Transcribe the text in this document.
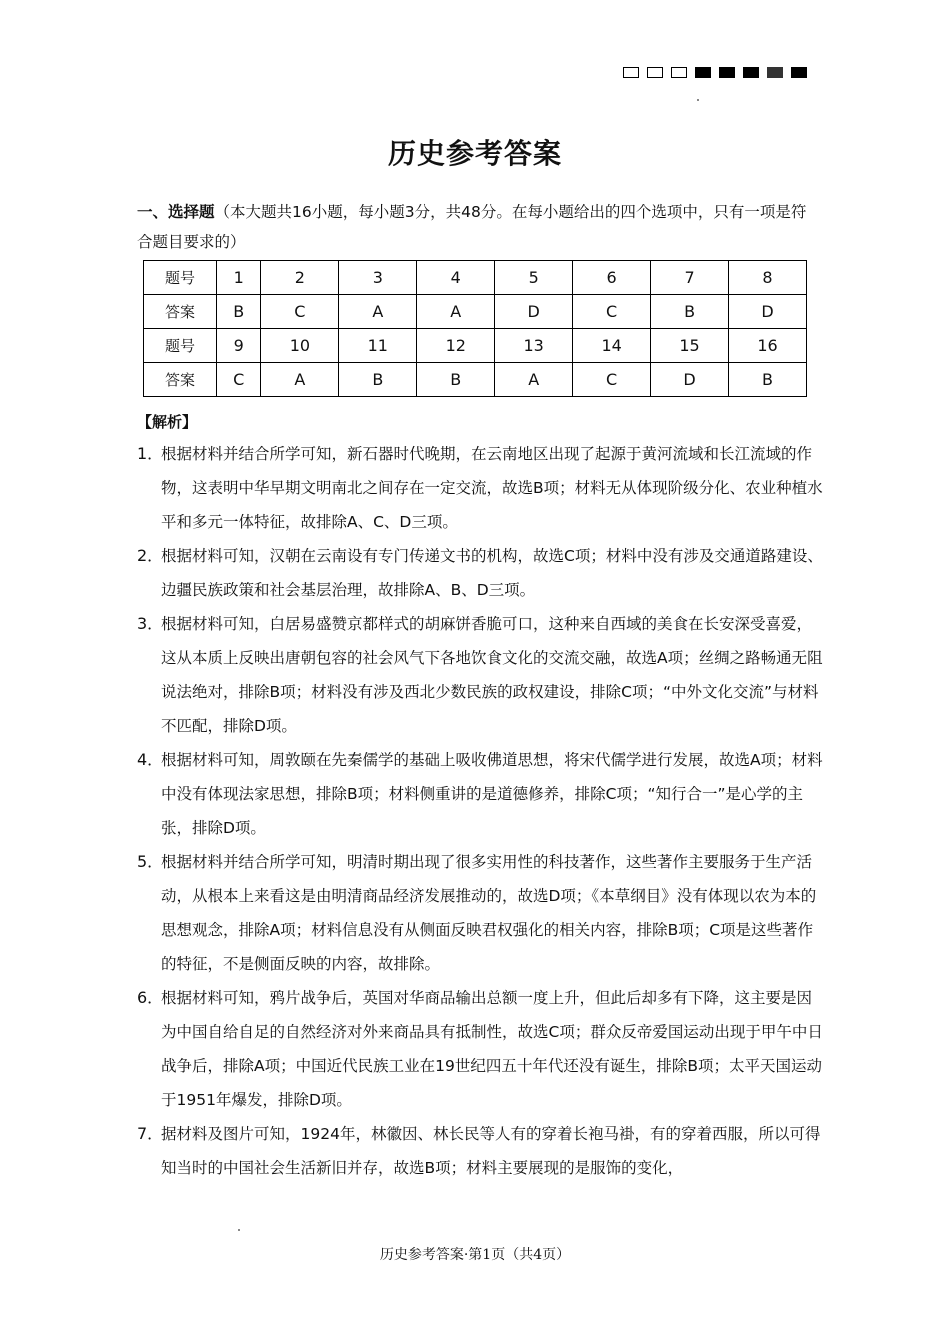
历史参考答案
一、选择题（本大题共16小题，每小题3分，共48分。在每小题给出的四个选项中，只有一项是符合题目要求的）
题号	1	2	3	4	5	6	7	8
答案	B	C	A	A	D	C	B	D
题号	9	10	11	12	13	14	15	16
答案	C	A	B	B	A	C	D	B
【解析】

1．
根据材料并结合所学可知，新石器时代晚期，在云南地区出现了起源于黄河流域和长江流域的作物，这表明中华早期文明南北之间存在一定交流，故选B项；材料无从体现阶级分化、农业种植水平和多元一体特征，故排除A、C、D三项。

2．
根据材料可知，汉朝在云南设有专门传递文书的机构，故选C项；材料中没有涉及交通道路建设、边疆民族政策和社会基层治理，故排除A、B、D三项。

3．
根据材料可知，白居易盛赞京都样式的胡麻饼香脆可口，这种来自西域的美食在长安深受喜爱，这从本质上反映出唐朝包容的社会风气下各地饮食文化的交流交融，故选A项；丝绸之路畅通无阻说法绝对，排除B项；材料没有涉及西北少数民族的政权建设，排除C项；“中外文化交流”与材料不匹配，排除D项。

4．
根据材料可知，周敦颐在先秦儒学的基础上吸收佛道思想，将宋代儒学进行发展，故选A项；材料中没有体现法家思想，排除B项；材料侧重讲的是道德修养，排除C项；“知行合一”是心学的主张，排除D项。

5．
根据材料并结合所学可知，明清时期出现了很多实用性的科技著作，这些著作主要服务于生产活动，从根本上来看这是由明清商品经济发展推动的，故选D项；《本草纲目》没有体现以农为本的思想观念，排除A项；材料信息没有从侧面反映君权强化的相关内容，排除B项；C项是这些著作的特征，不是侧面反映的内容，故排除。

6．
根据材料可知，鸦片战争后，英国对华商品输出总额一度上升，但此后却多有下降，这主要是因为中国自给自足的自然经济对外来商品具有抵制性，故选C项；群众反帝爱国运动出现于甲午中日战争后，排除A项；中国近代民族工业在19世纪四五十年代还没有诞生，排除B项；太平天国运动于1951年爆发，排除D项。

7．
据材料及图片可知，1924年，林徽因、林长民等人有的穿着长袍马褂，有的穿着西服，所以可得知当时的中国社会生活新旧并存，故选B项；材料主要展现的是服饰的变化，

历史参考答案·第1页（共4页）
